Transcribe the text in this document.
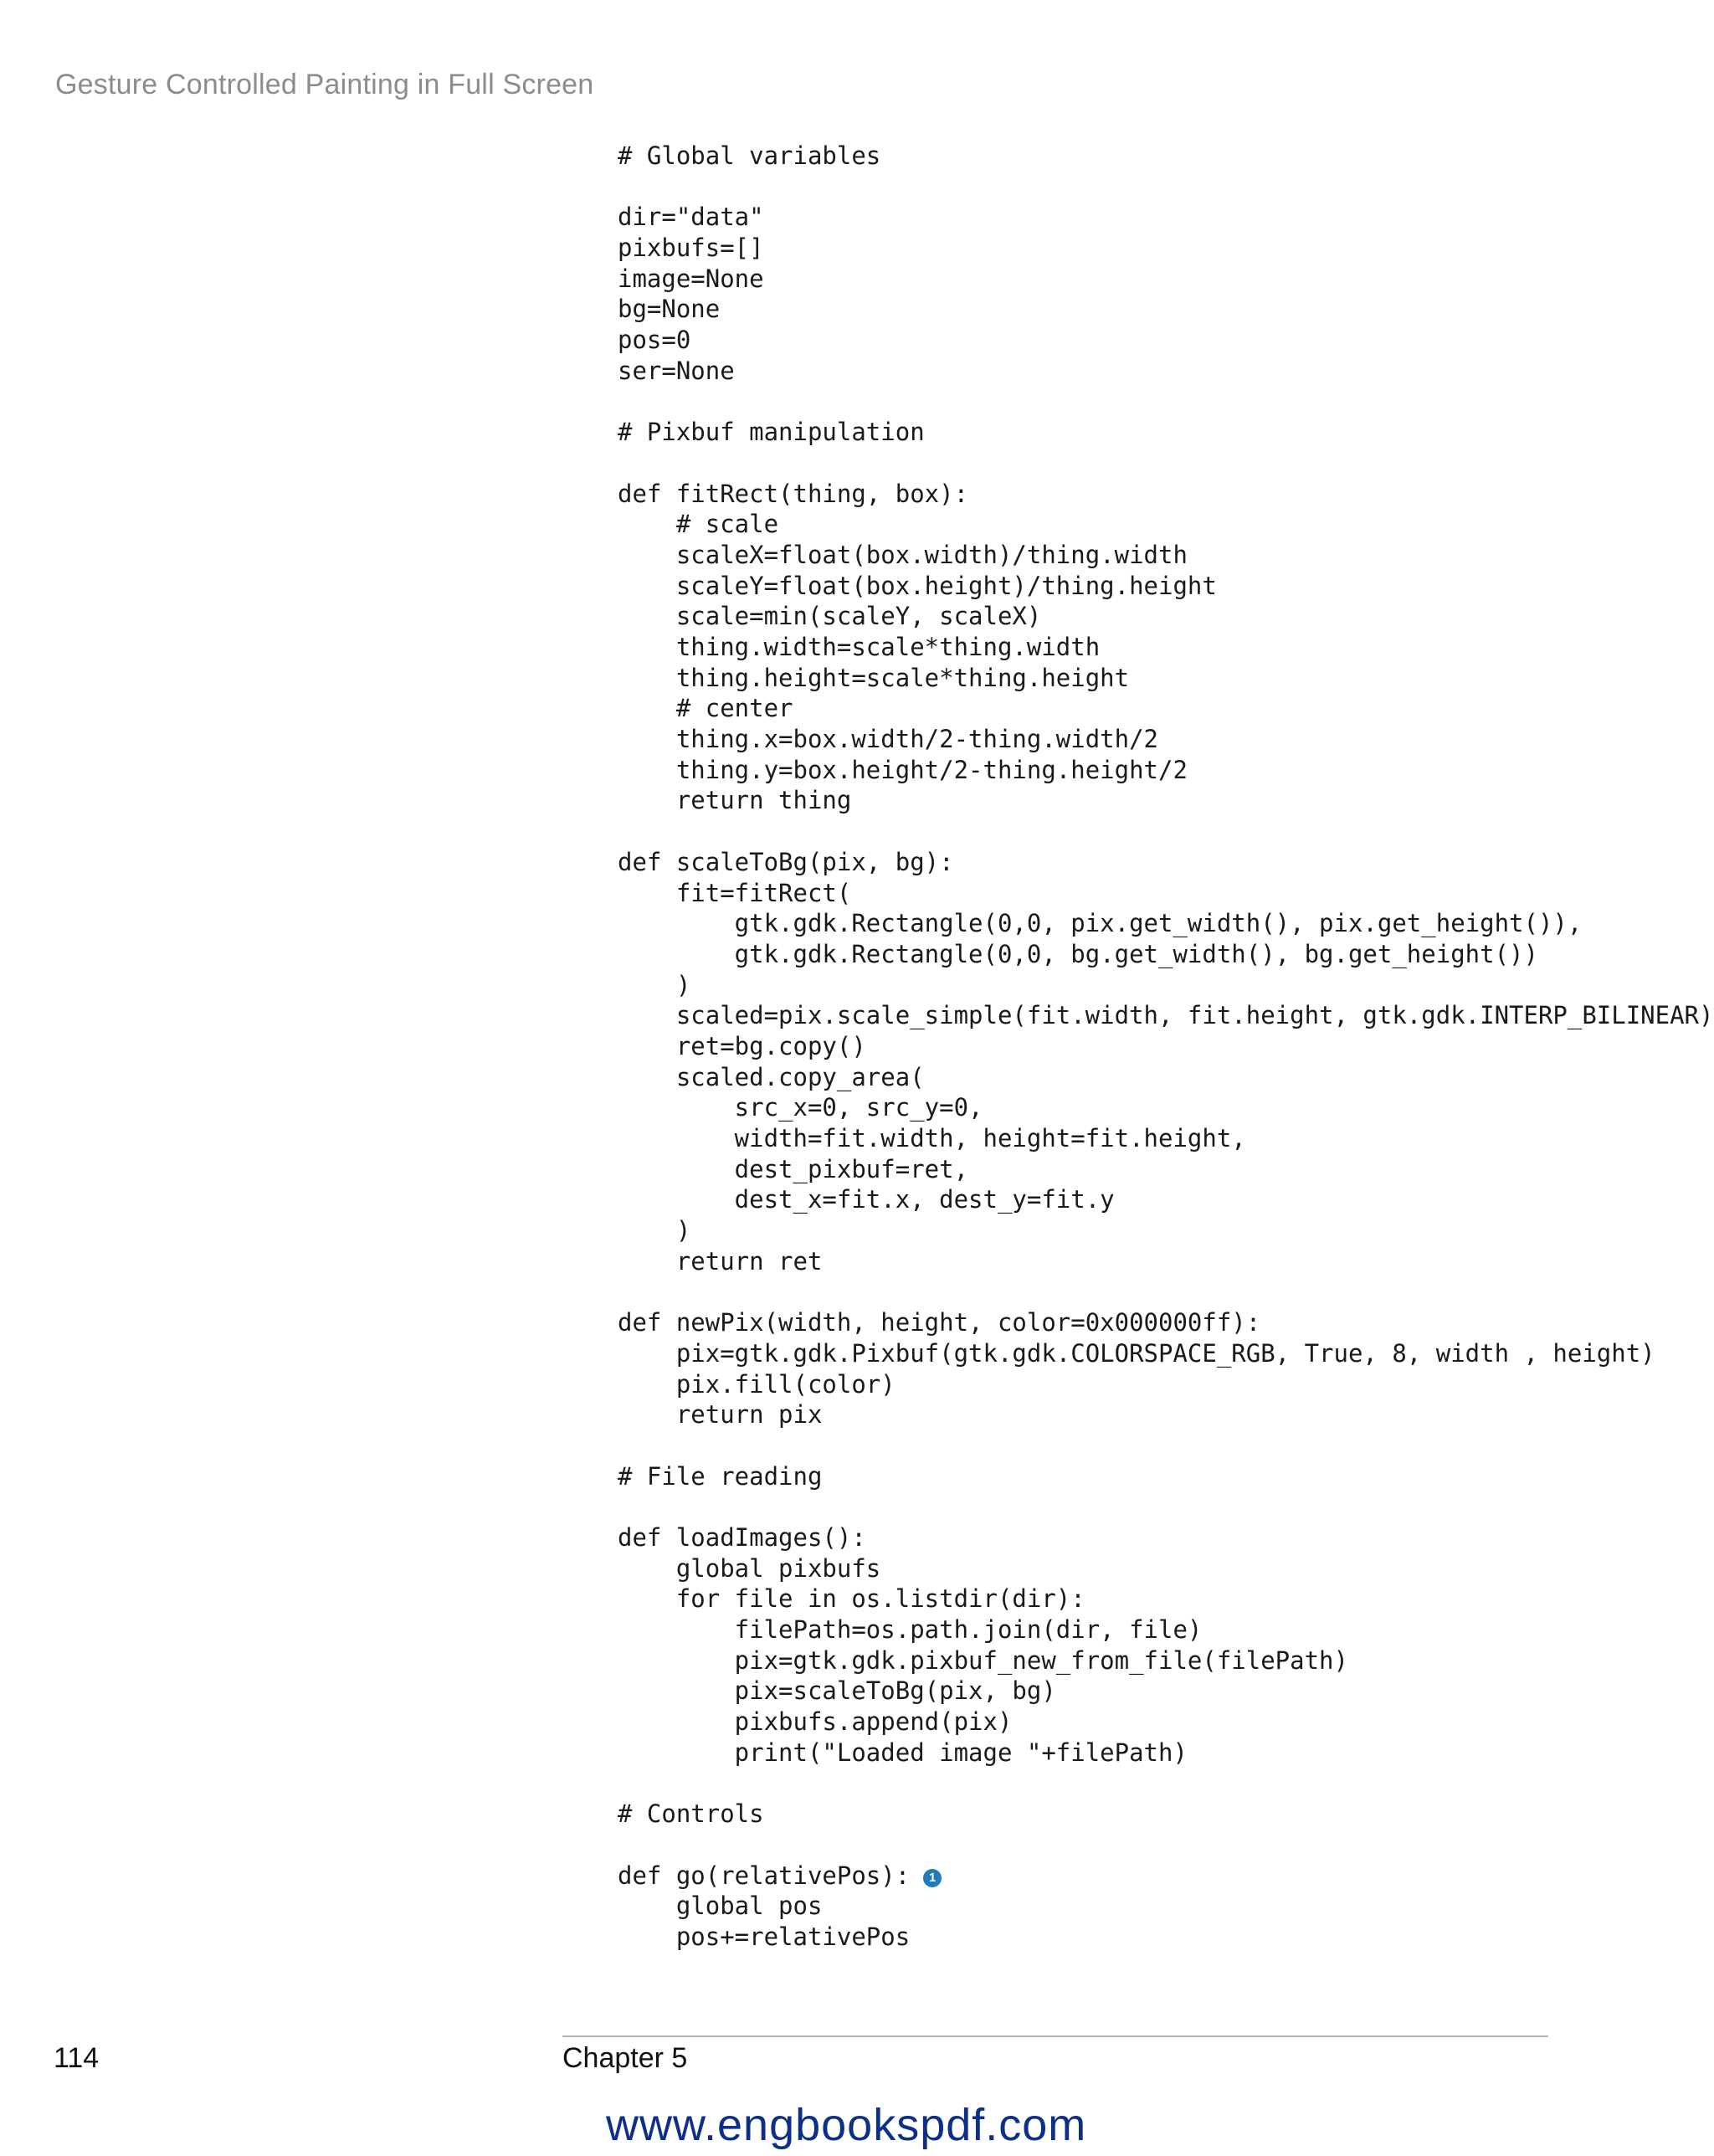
Gesture Controlled Painting in Full Screen
# Global variables
dir="data"
pixbufs=[]
image=None
bg=None
pos=0
ser=None
# Pixbuf manipulation
def fitRect(thing, box):
# scale
scaleX=float(box.width)/thing.width
scaleY=float(box.height)/thing.height
scale=min(scaleY, scaleX)
thing.width=scale*thing.width
thing.height=scale*thing.height
# center
thing.x=box.width/2-thing.width/2
thing.y=box.height/2-thing.height/2
return thing
def scaleToBg(pix, bg):
fit=fitRect(
gtk.gdk.Rectangle(0,0, pix.get_width(), pix.get_height()),
gtk.gdk.Rectangle(0,0, bg.get_width(), bg.get_height())
)
scaled=pix.scale_simple(fit.width, fit.height, gtk.gdk.INTERP_BILINEAR)
ret=bg.copy()
scaled.copy_area(
src_x=0, src_y=0,
width=fit.width, height=fit.height,
dest_pixbuf=ret,
dest_x=fit.x, dest_y=fit.y
)
return ret
def newPix(width, height, color=0x000000ff):
pix=gtk.gdk.Pixbuf(gtk.gdk.COLORSPACE_RGB, True, 8, width , height)
pix.fill(color)
return pix
# File reading
def loadImages():
global pixbufs
for file in os.listdir(dir):
filePath=os.path.join(dir, file)
pix=gtk.gdk.pixbuf_new_from_file(filePath)
pix=scaleToBg(pix, bg)
pixbufs.append(pix)
print("Loaded image "+filePath)
# Controls
def go(relativePos): 1
global pos
pos+=relativePos
114	Chapter 5
www.engbookspdf.com
